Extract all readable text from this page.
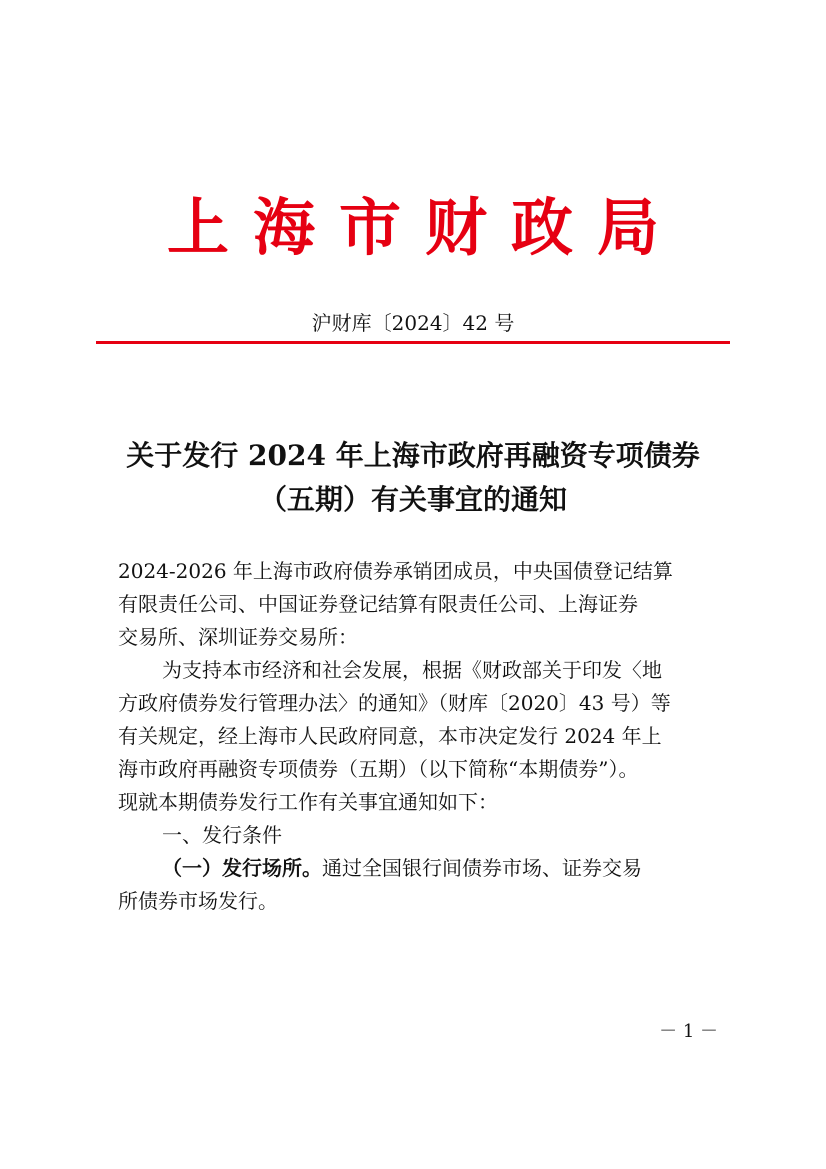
上海市财政局
沪财库〔2024〕42 号
关于发行 2024 年上海市政府再融资专项债券
（五期）有关事宜的通知
2024-2026 年上海市政府债券承销团成员，中央国债登记结算
有限责任公司、中国证券登记结算有限责任公司、上海证券
交易所、深圳证券交易所：
为支持本市经济和社会发展，根据《财政部关于印发〈地
方政府债券发行管理办法〉的通知》（财库〔2020〕43 号）等
有关规定，经上海市人民政府同意，本市决定发行 2024 年上
海市政府再融资专项债券（五期）（以下简称“本期债券”）。
现就本期债券发行工作有关事宜通知如下：
一、发行条件
（一）发行场所。通过全国银行间债券市场、证券交易
所债券市场发行。
－ 1 －
